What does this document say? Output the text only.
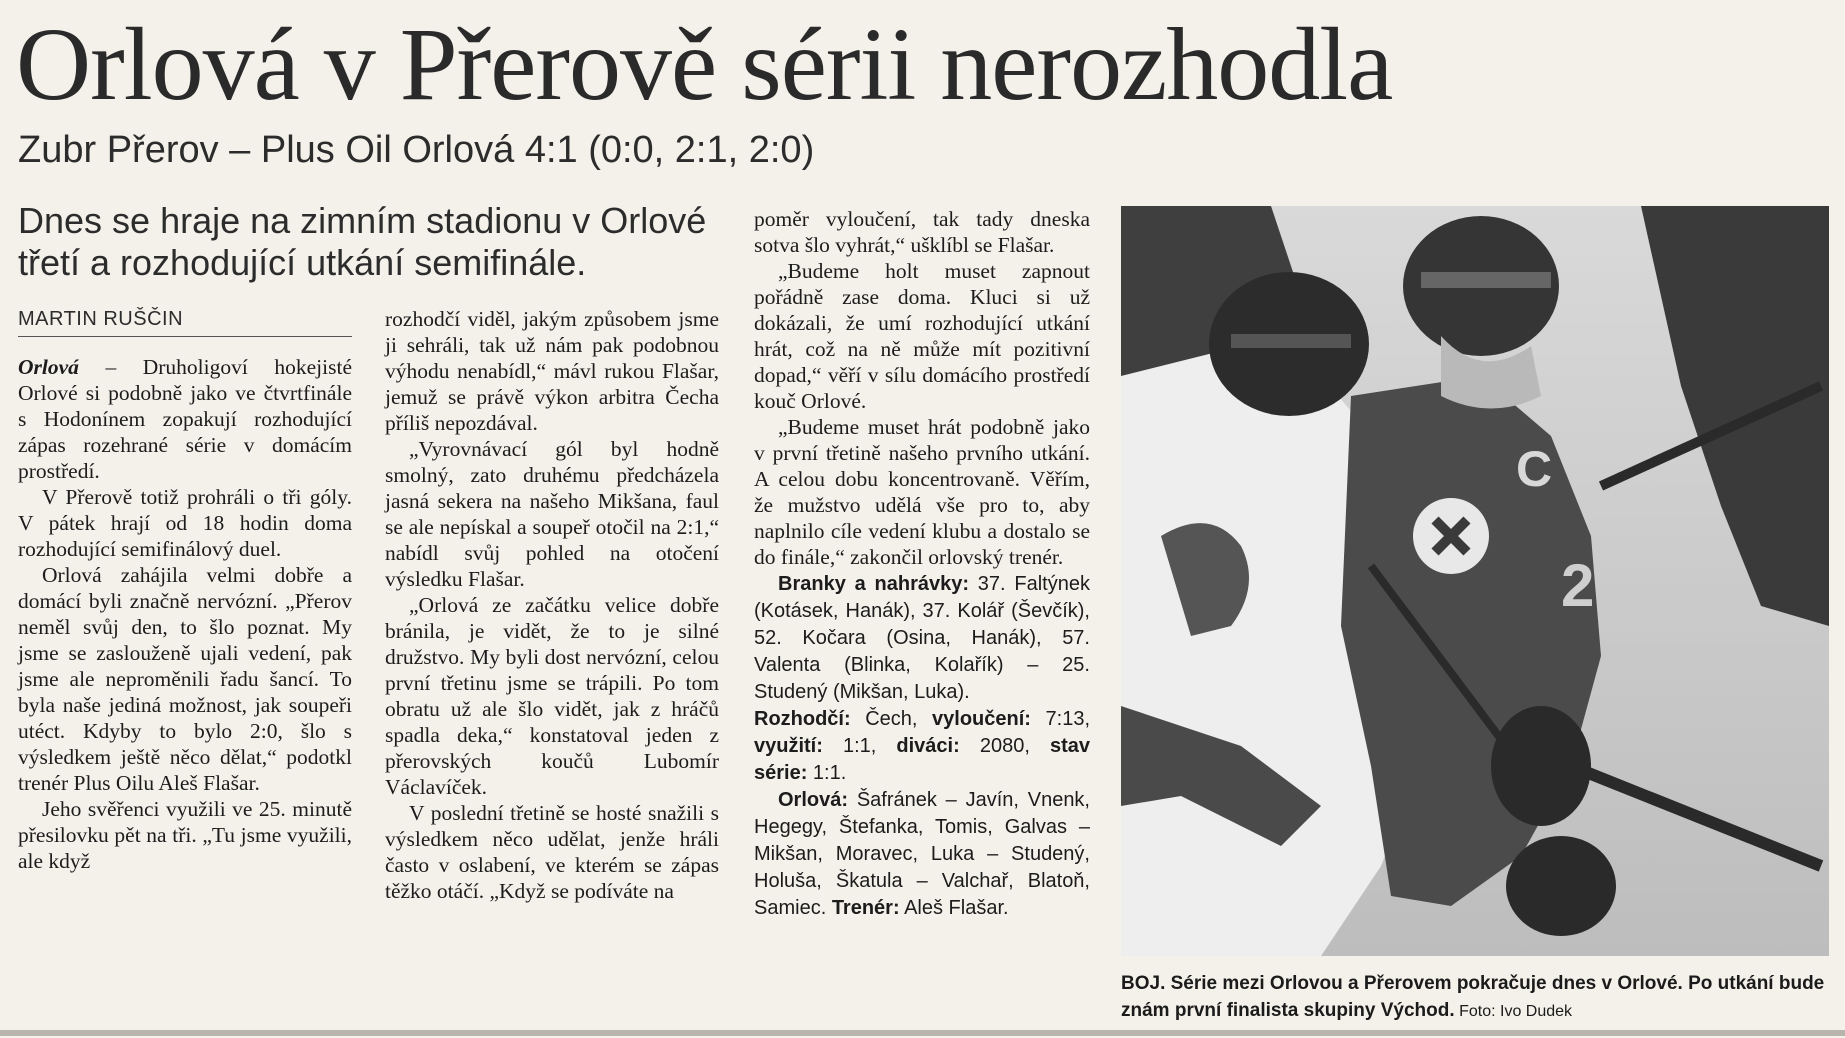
Orlová v Přerově sérii nerozhodla
Zubr Přerov – Plus Oil Orlová 4:1 (0:0, 2:1, 2:0)
Dnes se hraje na zimním stadionu v Orlové třetí a rozhodující utkání semifinále.
MARTIN RUŠČIN

Orlová – Druholigoví hokejisté Orlové si podobně jako ve čtvrtfinále s Hodonínem zopakují rozhodující zápas rozehrané série v domácím prostředí.

V Přerově totiž prohráli o tři góly. V pátek hrají od 18 hodin doma rozhodující semifinálový duel.

Orlová zahájila velmi dobře a domácí byli značně nervózní. „Přerov neměl svůj den, to šlo poznat. My jsme se zaslouženě ujali vedení, pak jsme ale neproměnili řadu šancí. To byla naše jediná možnost, jak soupeři utéct. Kdyby to bylo 2:0, šlo s výsledkem ještě něco dělat,“ podotkl trenér Plus Oilu Aleš Flašar.

Jeho svěřenci využili ve 25. minutě přesilovku pět na tři. „Tu jsme využili, ale když

rozhodčí viděl, jakým způsobem jsme ji sehráli, tak už nám pak podobnou výhodu nenabídl,“ mávl rukou Flašar, jemuž se právě výkon arbitra Čecha příliš nepozdával.

„Vyrovnávací gól byl hodně smolný, zato druhému předcházela jasná sekera na našeho Mikšana, faul se ale nepískal a soupeř otočil na 2:1,“ nabídl svůj pohled na otočení výsledku Flašar.

„Orlová ze začátku velice dobře bránila, je vidět, že to je silné družstvo. My byli dost nervózní, celou první třetinu jsme se trápili. Po tom obratu už ale šlo vidět, jak z hráčů spadla deka,“ konstatoval jeden z přerovských koučů Lubomír Václavíček.

V poslední třetině se hosté snažili s výsledkem něco udělat, jenže hráli často v oslabení, ve kterém se zápas těžko otáčí. „Když se podíváte na

poměr vyloučení, tak tady dneska sotva šlo vyhrát,“ ušklíbl se Flašar.

„Budeme holt muset zapnout pořádně zase doma. Kluci si už dokázali, že umí rozhodující utkání hrát, což na ně může mít pozitivní dopad,“ věří v sílu domácího prostředí kouč Orlové.

„Budeme muset hrát podobně jako v první třetině našeho prvního utkání. A celou dobu koncentrovaně. Věřím, že mužstvo udělá vše pro to, aby naplnilo cíle vedení klubu a dostalo se do finále,“ zakončil orlovský trenér.

Branky a nahrávky: 37. Faltýnek (Kotásek, Hanák), 37. Kolář (Ševčík), 52. Kočara (Osina, Hanák), 57. Valenta (Blinka, Kolařík) – 25. Studený (Mikšan, Luka).

Rozhodčí: Čech, vyloučení: 7:13, využití: 1:1, diváci: 2080, stav série: 1:1.

Orlová: Šafránek – Javín, Vnenk, Hegegy, Štefanka, Tomis, Galvas – Mikšan, Moravec, Luka – Studený, Holuša, Škatula – Valchař, Blatoň, Samiec. Trenér: Aleš Flašar.

C
2
BOJ. Série mezi Orlovou a Přerovem pokračuje dnes v Orlové. Po utkání bude znám první finalista skupiny Východ. Foto: Ivo Dudek
